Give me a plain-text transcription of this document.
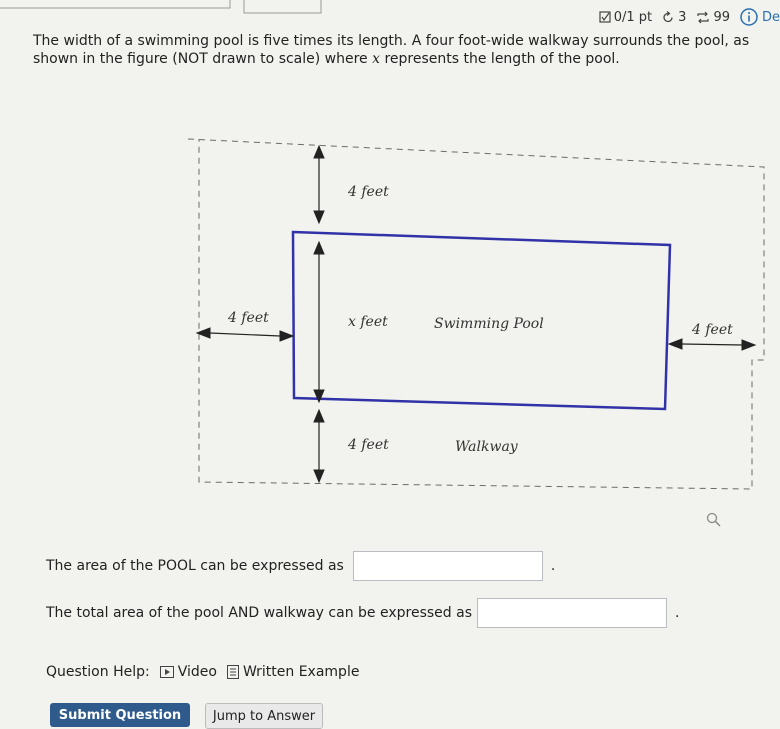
0/1 pt 3 99 De
The width of a swimming pool is five times its length. A four foot-wide walkway surrounds the pool, as shown in the figure (NOT drawn to scale) where x represents the length of the pool.
4 feet
4 feet	x feet	Swimming Pool	4 feet
4 feet	Walkway
The area of the POOL can be expressed as	.
The total area of the pool AND walkway can be expressed as	.
Question Help: Video Written Example
Submit Question	Jump to Answer
